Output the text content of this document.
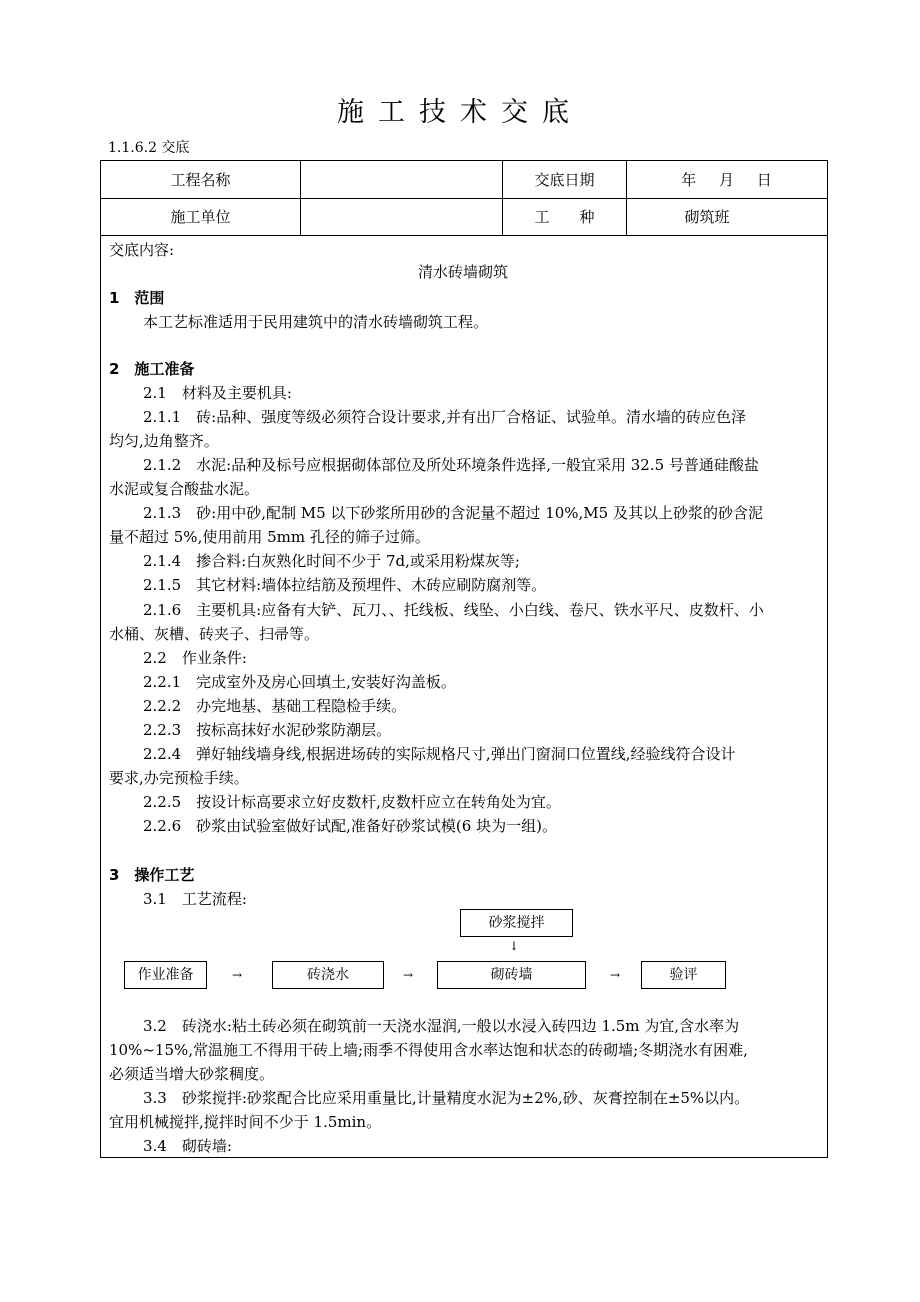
施工技术交底
1.1.6.2 交底
工程名称	交底日期	年 月 日
施工单位	工　　种	砌筑班
交底内容:
清水砖墙砌筑
1　范围
本工艺标准适用于民用建筑中的清水砖墙砌筑工程。
2　施工准备
2.1　材料及主要机具:
2.1.1　砖:品种、强度等级必须符合设计要求,并有出厂合格证、试验单。清水墙的砖应色泽
均匀,边角整齐。
2.1.2　水泥:品种及标号应根据砌体部位及所处环境条件选择,一般宜采用 32.5 号普通硅酸盐
水泥或复合酸盐水泥。
2.1.3　砂:用中砂,配制 M5 以下砂浆所用砂的含泥量不超过 10%,M5 及其以上砂浆的砂含泥
量不超过 5%,使用前用 5mm 孔径的筛子过筛。
2.1.4　掺合料:白灰熟化时间不少于 7d,或采用粉煤灰等;
2.1.5　其它材料:墙体拉结筋及预埋件、木砖应刷防腐剂等。
2.1.6　主要机具:应备有大铲、瓦刀、、托线板、线坠、小白线、卷尺、铁水平尺、皮数杆、小
水桶、灰槽、砖夹子、扫帚等。
2.2　作业条件:
2.2.1　完成室外及房心回填土,安装好沟盖板。
2.2.2　办完地基、基础工程隐检手续。
2.2.3　按标高抹好水泥砂浆防潮层。
2.2.4　弹好轴线墙身线,根据进场砖的实际规格尺寸,弹出门窗洞口位置线,经验线符合设计
要求,办完预检手续。
2.2.5　按设计标高要求立好皮数杆,皮数杆应立在转角处为宜。
2.2.6　砂浆由试验室做好试配,准备好砂浆试模(6 块为一组)。
3　操作工艺
3.1　工艺流程:
砂浆搅拌
↓
作业准备	→	砖浇水	→	砌砖墙	→	验评
3.2　砖浇水:粘土砖必须在砌筑前一天浇水湿润,一般以水浸入砖四边 1.5m 为宜,含水率为
10%~15%,常温施工不得用干砖上墙;雨季不得使用含水率达饱和状态的砖砌墙;冬期浇水有困难,
必须适当增大砂浆稠度。
3.3　砂浆搅拌:砂浆配合比应采用重量比,计量精度水泥为±2%,砂、灰膏控制在±5%以内。
宜用机械搅拌,搅拌时间不少于 1.5min。
3.4　砌砖墙:
